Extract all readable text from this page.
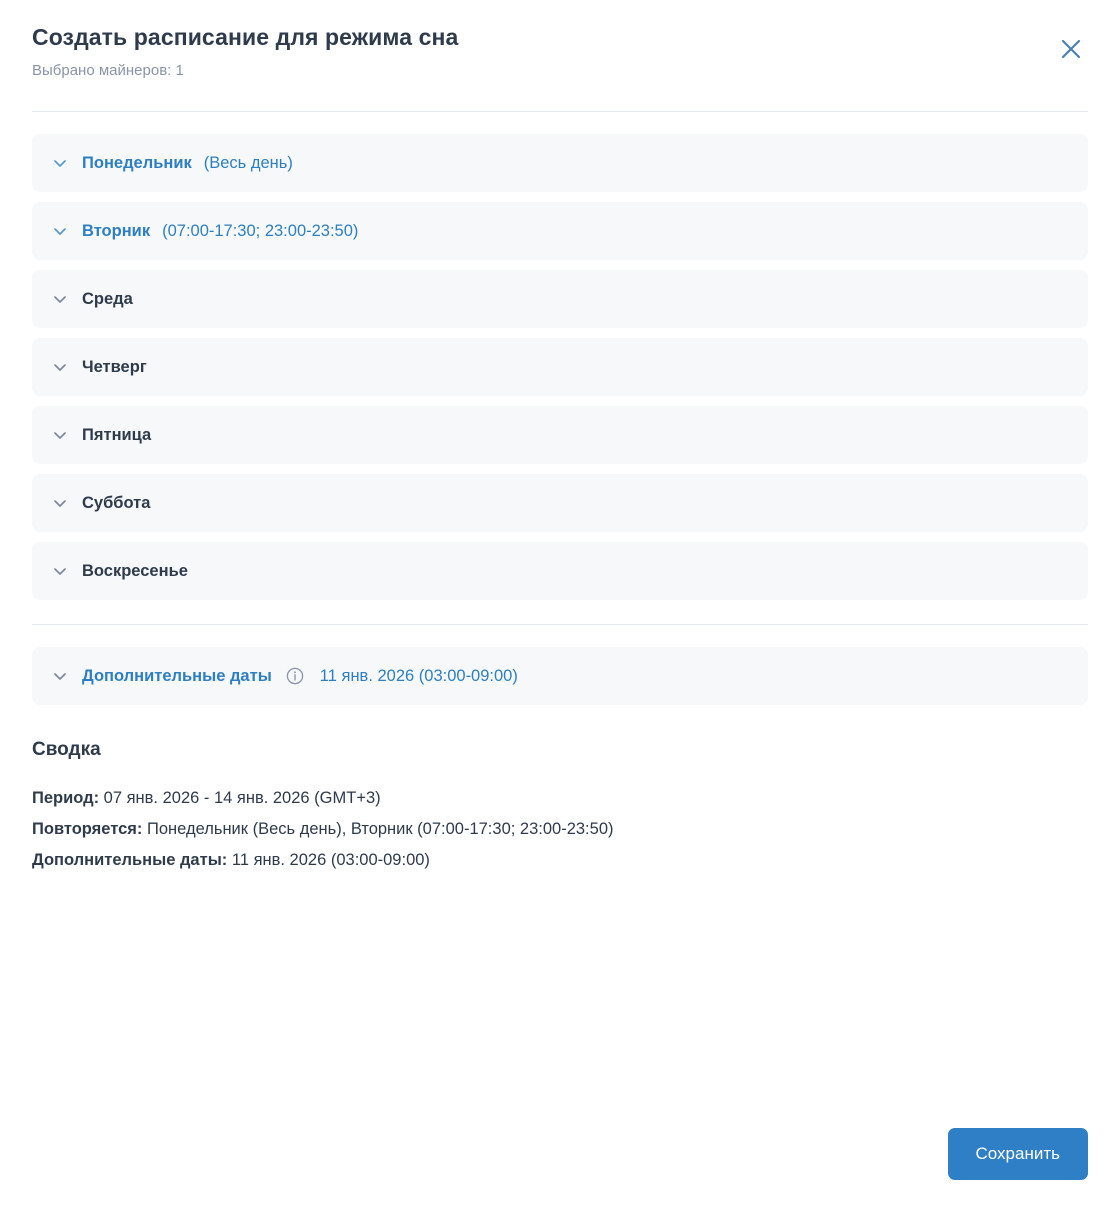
Создать расписание для режима сна
Выбрано майнеров: 1
Понедельник (Весь день)
Вторник (07:00-17:30; 23:00-23:50)
Среда
Четверг
Пятница
Суббота
Воскресенье
Дополнительные даты	11 янв. 2026 (03:00-09:00)
Сводка
Период: 07 янв. 2026 - 14 янв. 2026 (GMT+3)
Повторяется: Понедельник (Весь день), Вторник (07:00-17:30; 23:00-23:50)
Дополнительные даты: 11 янв. 2026 (03:00-09:00)
Сохранить
